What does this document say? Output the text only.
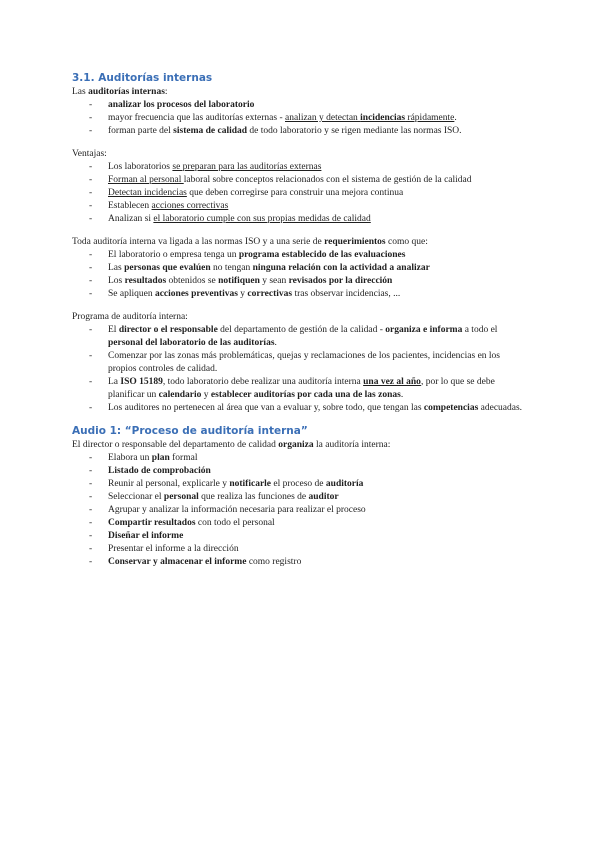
3.1. Auditorías internas

Las auditorías internas:

- analizar los procesos del laboratorio
- mayor frecuencia que las auditorías externas - analizan y detectan incidencias rápidamente.
- forman parte del sistema de calidad de todo laboratorio y se rigen mediante las normas ISO.

Ventajas:

- Los laboratorios se preparan para las auditorías externas
- Forman al personal laboral sobre conceptos relacionados con el sistema de gestión de la calidad
- Detectan incidencias que deben corregirse para construir una mejora continua
- Establecen acciones correctivas
- Analizan si el laboratorio cumple con sus propias medidas de calidad

Toda auditoría interna va ligada a las normas ISO y a una serie de requerimientos como que:

- El laboratorio o empresa tenga un programa establecido de las evaluaciones
- Las personas que evalúen no tengan ninguna relación con la actividad a analizar
- Los resultados obtenidos se notifiquen y sean revisados por la dirección
- Se apliquen acciones preventivas y correctivas tras observar incidencias, ...

Programa de auditoría interna:

- El director o el responsable del departamento de gestión de la calidad - organiza e informa a todo el personal del laboratorio de las auditorías.
- Comenzar por las zonas más problemáticas, quejas y reclamaciones de los pacientes, incidencias en los propios controles de calidad.
- La ISO 15189, todo laboratorio debe realizar una auditoría interna una vez al año, por lo que se debe planificar un calendario y establecer auditorías por cada una de las zonas.
- Los auditores no pertenecen al área que van a evaluar y, sobre todo, que tengan las competencias adecuadas.
Audio 1: “Proceso de auditoría interna”

El director o responsable del departamento de calidad organiza la auditoría interna:

- Elabora un plan formal
- Listado de comprobación
- Reunir al personal, explicarle y notificarle el proceso de auditoría
- Seleccionar el personal que realiza las funciones de auditor
- Agrupar y analizar la información necesaria para realizar el proceso
- Compartir resultados con todo el personal
- Diseñar el informe
- Presentar el informe a la dirección
- Conservar y almacenar el informe como registro
